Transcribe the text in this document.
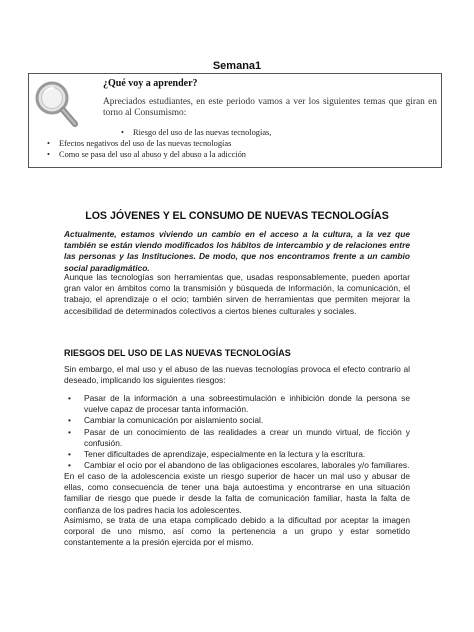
Semana1
¿Qué voy a aprender?
Apreciados estudiantes, en este periodo vamos a ver los siguientes temas que giran en torno al Consumismo:
• Riesgo del uso de las nuevas tecnologías,
• Efectos negativos del uso de las nuevas tecnologías
• Como se pasa del uso al abuso y del abuso a la adicción
LOS JÓVENES Y EL CONSUMO DE NUEVAS TECNOLOGÍAS

Actualmente, estamos viviendo un cambio en el acceso a la cultura, a la vez que también se están viendo modificados los hábitos de intercambio y de relaciones entre las personas y las Instituciones. De modo, que nos encontramos frente a un cambio social paradigmático.

Aunque las tecnologías son herramientas que, usadas responsablemente, pueden aportar gran valor en ámbitos como la transmisión y búsqueda de información, la comunicación, el trabajo, el aprendizaje o el ocio; también sirven de herramientas que permiten mejorar la accesibilidad de determinados colectivos a ciertos bienes culturales y sociales.

RIESGOS DEL USO DE LAS NUEVAS TECNOLOGÍAS

Sin embargo, el mal uso y el abuso de las nuevas tecnologías provoca el efecto contrario al deseado, implicando los siguientes riesgos:

• Pasar de la información a una sobreestimulación e inhibición donde la persona se vuelve capaz de procesar tanta información.
• Cambiar la comunicación por aislamiento social.
• Pasar de un conocimiento de las realidades a crear un mundo virtual, de ficción y confusión.
• Tener dificultades de aprendizaje, especialmente en la lectura y la escritura.
• Cambiar el ocio por el abandono de las obligaciones escolares, laborales y/o familiares.

En el caso de la adolescencia existe un riesgo superior de hacer un mal uso y abusar de ellas, como consecuencia de tener una baja autoestima y encontrarse en una situación familiar de riesgo que puede ir desde la falta de comunicación familiar, hasta la falta de confianza de los padres hacia los adolescentes.

Asimismo, se trata de una etapa complicado debido a la dificultad por aceptar la imagen corporal de uno mismo, así como la pertenencia a un grupo y estar sometido constantemente a la presión ejercida por el mismo.
